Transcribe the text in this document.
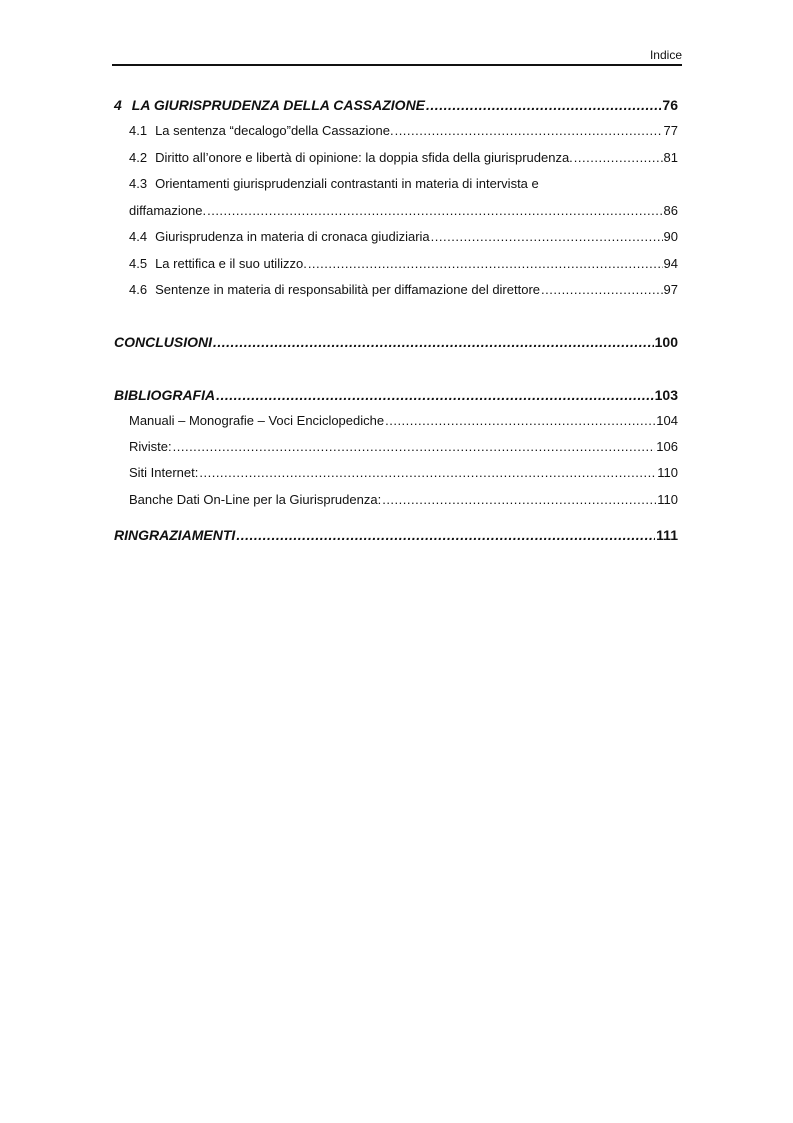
Indice
4 LA GIURISPRUDENZA DELLA CASSAZIONE .....	76
4.1 La sentenza “decalogo”della Cassazione. .....	77
4.2 Diritto all’onore e libertà di opinione: la doppia sfida della giurisprudenza. .....	81
4.3 Orientamenti giurisprudenziali contrastanti in materia di intervista e
diffamazione. .....	86
4.4 Giurisprudenza in materia di cronaca giudiziaria .....	90
4.5 La rettifica e il suo utilizzo. .....	94
4.6 Sentenze in materia di responsabilità per diffamazione del direttore .....	97
CONCLUSIONI .....	100
BIBLIOGRAFIA .....	103
Manuali – Monografie – Voci Enciclopediche .....	104
Riviste: .....	106
Siti Internet: .....	110
Banche Dati On-Line per la Giurisprudenza: .....	110
RINGRAZIAMENTI .....	111
